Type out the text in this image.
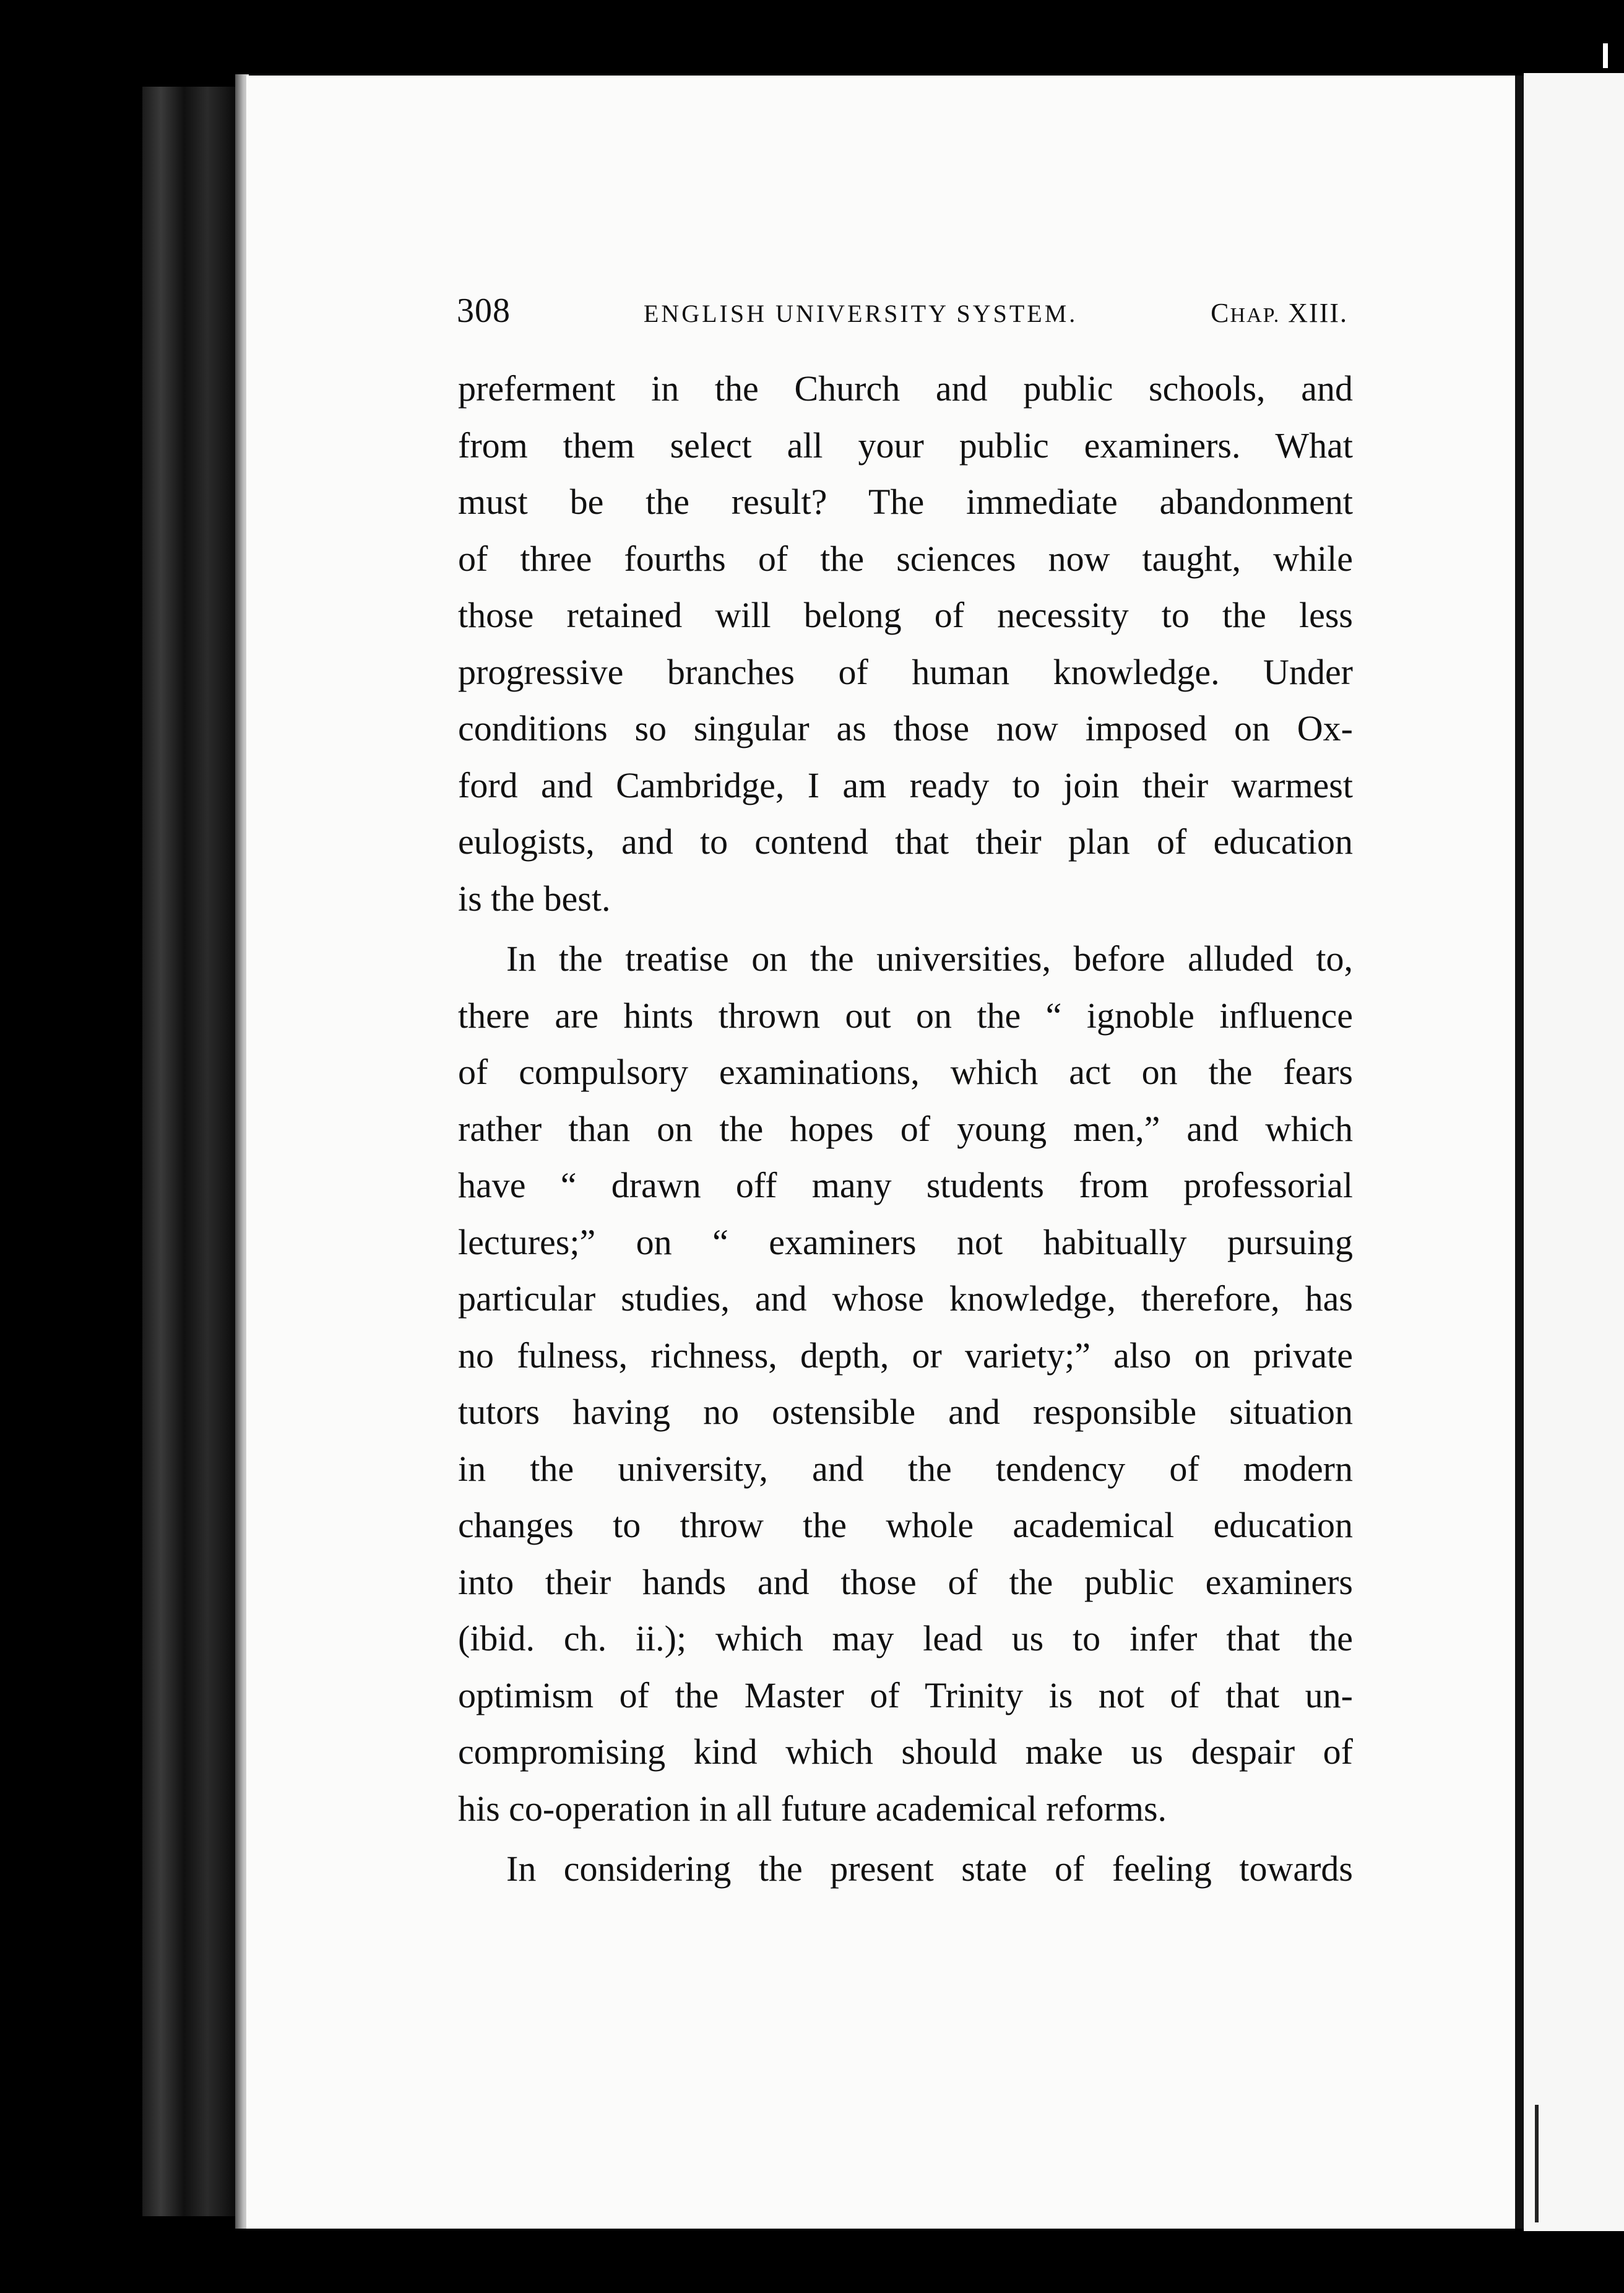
308	ENGLISH UNIVERSITY SYSTEM.	CHAP. XIII.
preferment in the Church and public schools, and
from them select all your public examiners. What
must be the result? The immediate abandonment
of three fourths of the sciences now taught, while
those retained will belong of necessity to the less
progressive branches of human knowledge. Under
conditions so singular as those now imposed on Ox-
ford and Cambridge, I am ready to join their warmest
eulogists, and to contend that their plan of education
is the best.
In the treatise on the universities, before alluded to,
there are hints thrown out on the “ ignoble influence
of compulsory examinations, which act on the fears
rather than on the hopes of young men,” and which
have “ drawn off many students from professorial
lectures;” on “ examiners not habitually pursuing
particular studies, and whose knowledge, therefore, has
no fulness, richness, depth, or variety;” also on private
tutors having no ostensible and responsible situation
in the university, and the tendency of modern
changes to throw the whole academical education
into their hands and those of the public examiners
(ibid. ch. ii.); which may lead us to infer that the
optimism of the Master of Trinity is not of that un-
compromising kind which should make us despair of
his co-operation in all future academical reforms.
In considering the present state of feeling towards
